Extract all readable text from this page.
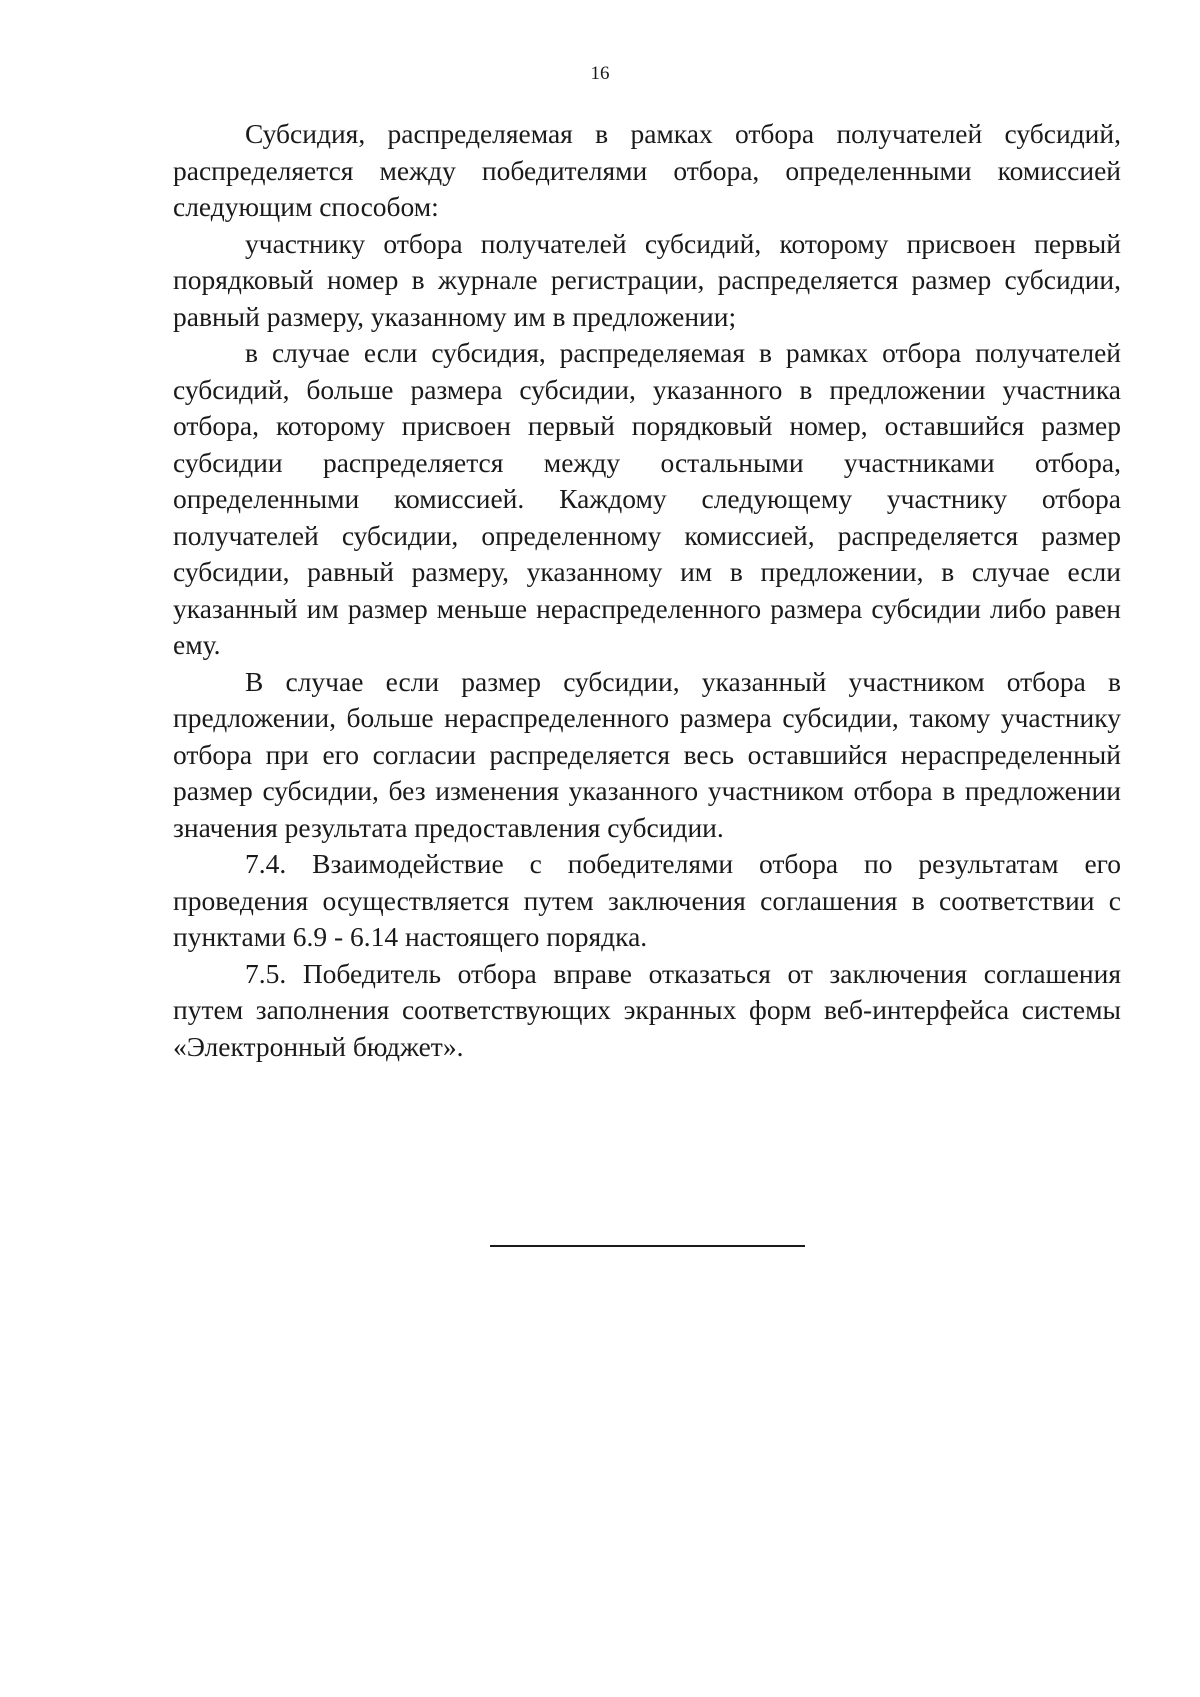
16

Субсидия, распределяемая в рамках отбора получателей субсидий, распределяется между победителями отбора, определенными комиссией следующим способом:

участнику отбора получателей субсидий, которому присвоен первый порядковый номер в журнале регистрации, распределяется размер субсидии, равный размеру, указанному им в предложении;

в случае если субсидия, распределяемая в рамках отбора получателей субсидий, больше размера субсидии, указанного в предложении участника отбора, которому присвоен первый порядковый номер, оставшийся размер субсидии распределяется между остальными участниками отбора, определенными комиссией. Каждому следующему участнику отбора получателей субсидии, определенному комиссией, распределяется размер субсидии, равный размеру, указанному им в предложении, в случае если указанный им размер меньше нераспределенного размера субсидии либо равен ему.

В случае если размер субсидии, указанный участником отбора в предложении, больше нераспределенного размера субсидии, такому участнику отбора при его согласии распределяется весь оставшийся нераспределенный размер субсидии, без изменения указанного участником отбора в предложении значения результата предоставления субсидии.

7.4. Взаимодействие с победителями отбора по результатам его проведения осуществляется путем заключения соглашения в соответствии с пунктами 6.9 - 6.14 настоящего порядка.

7.5. Победитель отбора вправе отказаться от заключения соглашения путем заполнения соответствующих экранных форм веб-интерфейса системы «Электронный бюджет».
